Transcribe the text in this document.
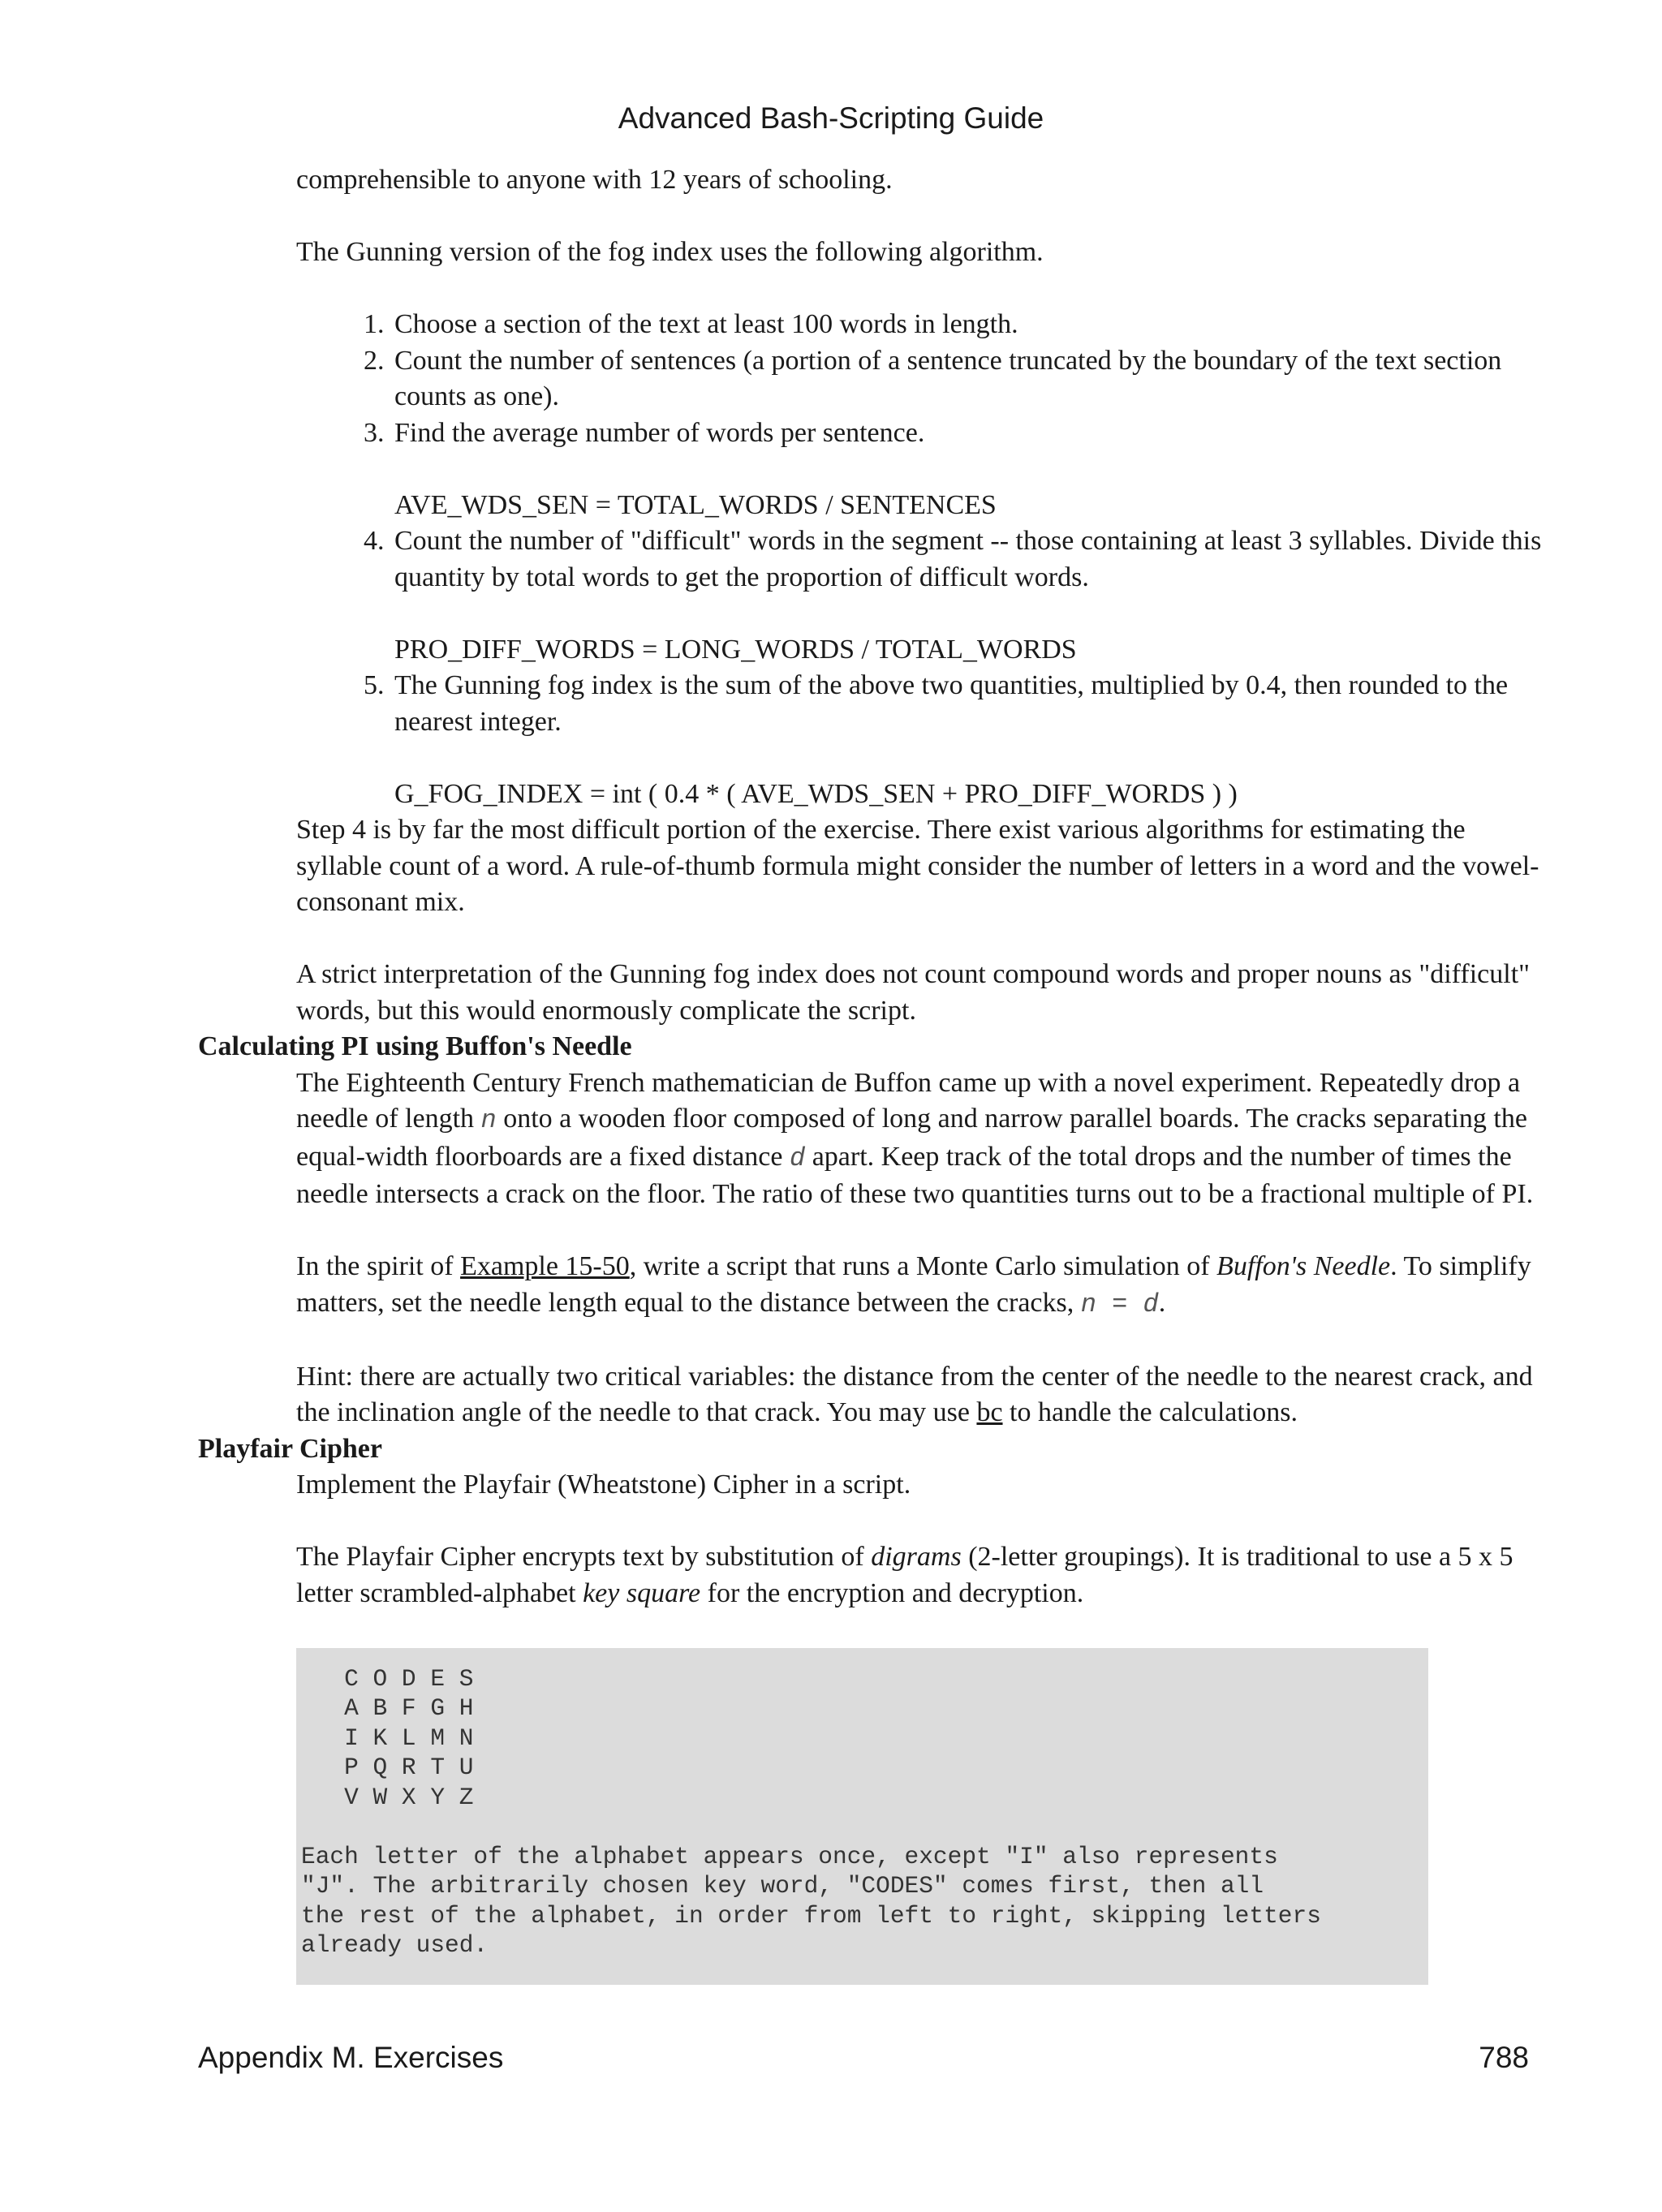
Advanced Bash-Scripting Guide

comprehensible to anyone with 12 years of schooling.

The Gunning version of the fog index uses the following algorithm.

1. Choose a section of the text at least 100 words in length.
2. Count the number of sentences (a portion of a sentence truncated by the boundary of the text section counts as one).
3. Find the average number of words per sentence.

AVE_WDS_SEN = TOTAL_WORDS / SENTENCES

4. Count the number of "difficult" words in the segment -- those containing at least 3 syllables. Divide this quantity by total words to get the proportion of difficult words.

PRO_DIFF_WORDS = LONG_WORDS / TOTAL_WORDS

5. The Gunning fog index is the sum of the above two quantities, multiplied by 0.4, then rounded to the nearest integer.

G_FOG_INDEX = int ( 0.4 * ( AVE_WDS_SEN + PRO_DIFF_WORDS ) )

Step 4 is by far the most difficult portion of the exercise. There exist various algorithms for estimating the syllable count of a word. A rule-of-thumb formula might consider the number of letters in a word and the vowel-consonant mix.

A strict interpretation of the Gunning fog index does not count compound words and proper nouns as "difficult" words, but this would enormously complicate the script.

Calculating PI using Buffon's Needle

The Eighteenth Century French mathematician de Buffon came up with a novel experiment. Repeatedly drop a needle of length n onto a wooden floor composed of long and narrow parallel boards. The cracks separating the equal-width floorboards are a fixed distance d apart. Keep track of the total drops and the number of times the needle intersects a crack on the floor. The ratio of these two quantities turns out to be a fractional multiple of PI.

In the spirit of Example 15-50, write a script that runs a Monte Carlo simulation of Buffon's Needle. To simplify matters, set the needle length equal to the distance between the cracks, n = d.

Hint: there are actually two critical variables: the distance from the center of the needle to the nearest crack, and the inclination angle of the needle to that crack. You may use bc to handle the calculations.

Playfair Cipher

Implement the Playfair (Wheatstone) Cipher in a script.

The Playfair Cipher encrypts text by substitution of digrams (2-letter groupings). It is traditional to use a 5 x 5 letter scrambled-alphabet key square for the encryption and decryption.

C O D E S
A B F G H
I K L M N
P Q R T U
V W X Y Z

Each letter of the alphabet appears once, except "I" also represents
"J". The arbitrarily chosen key word, "CODES" comes first, then all
the rest of the alphabet, in order from left to right, skipping letters
already used.
Appendix M. Exercises	788
